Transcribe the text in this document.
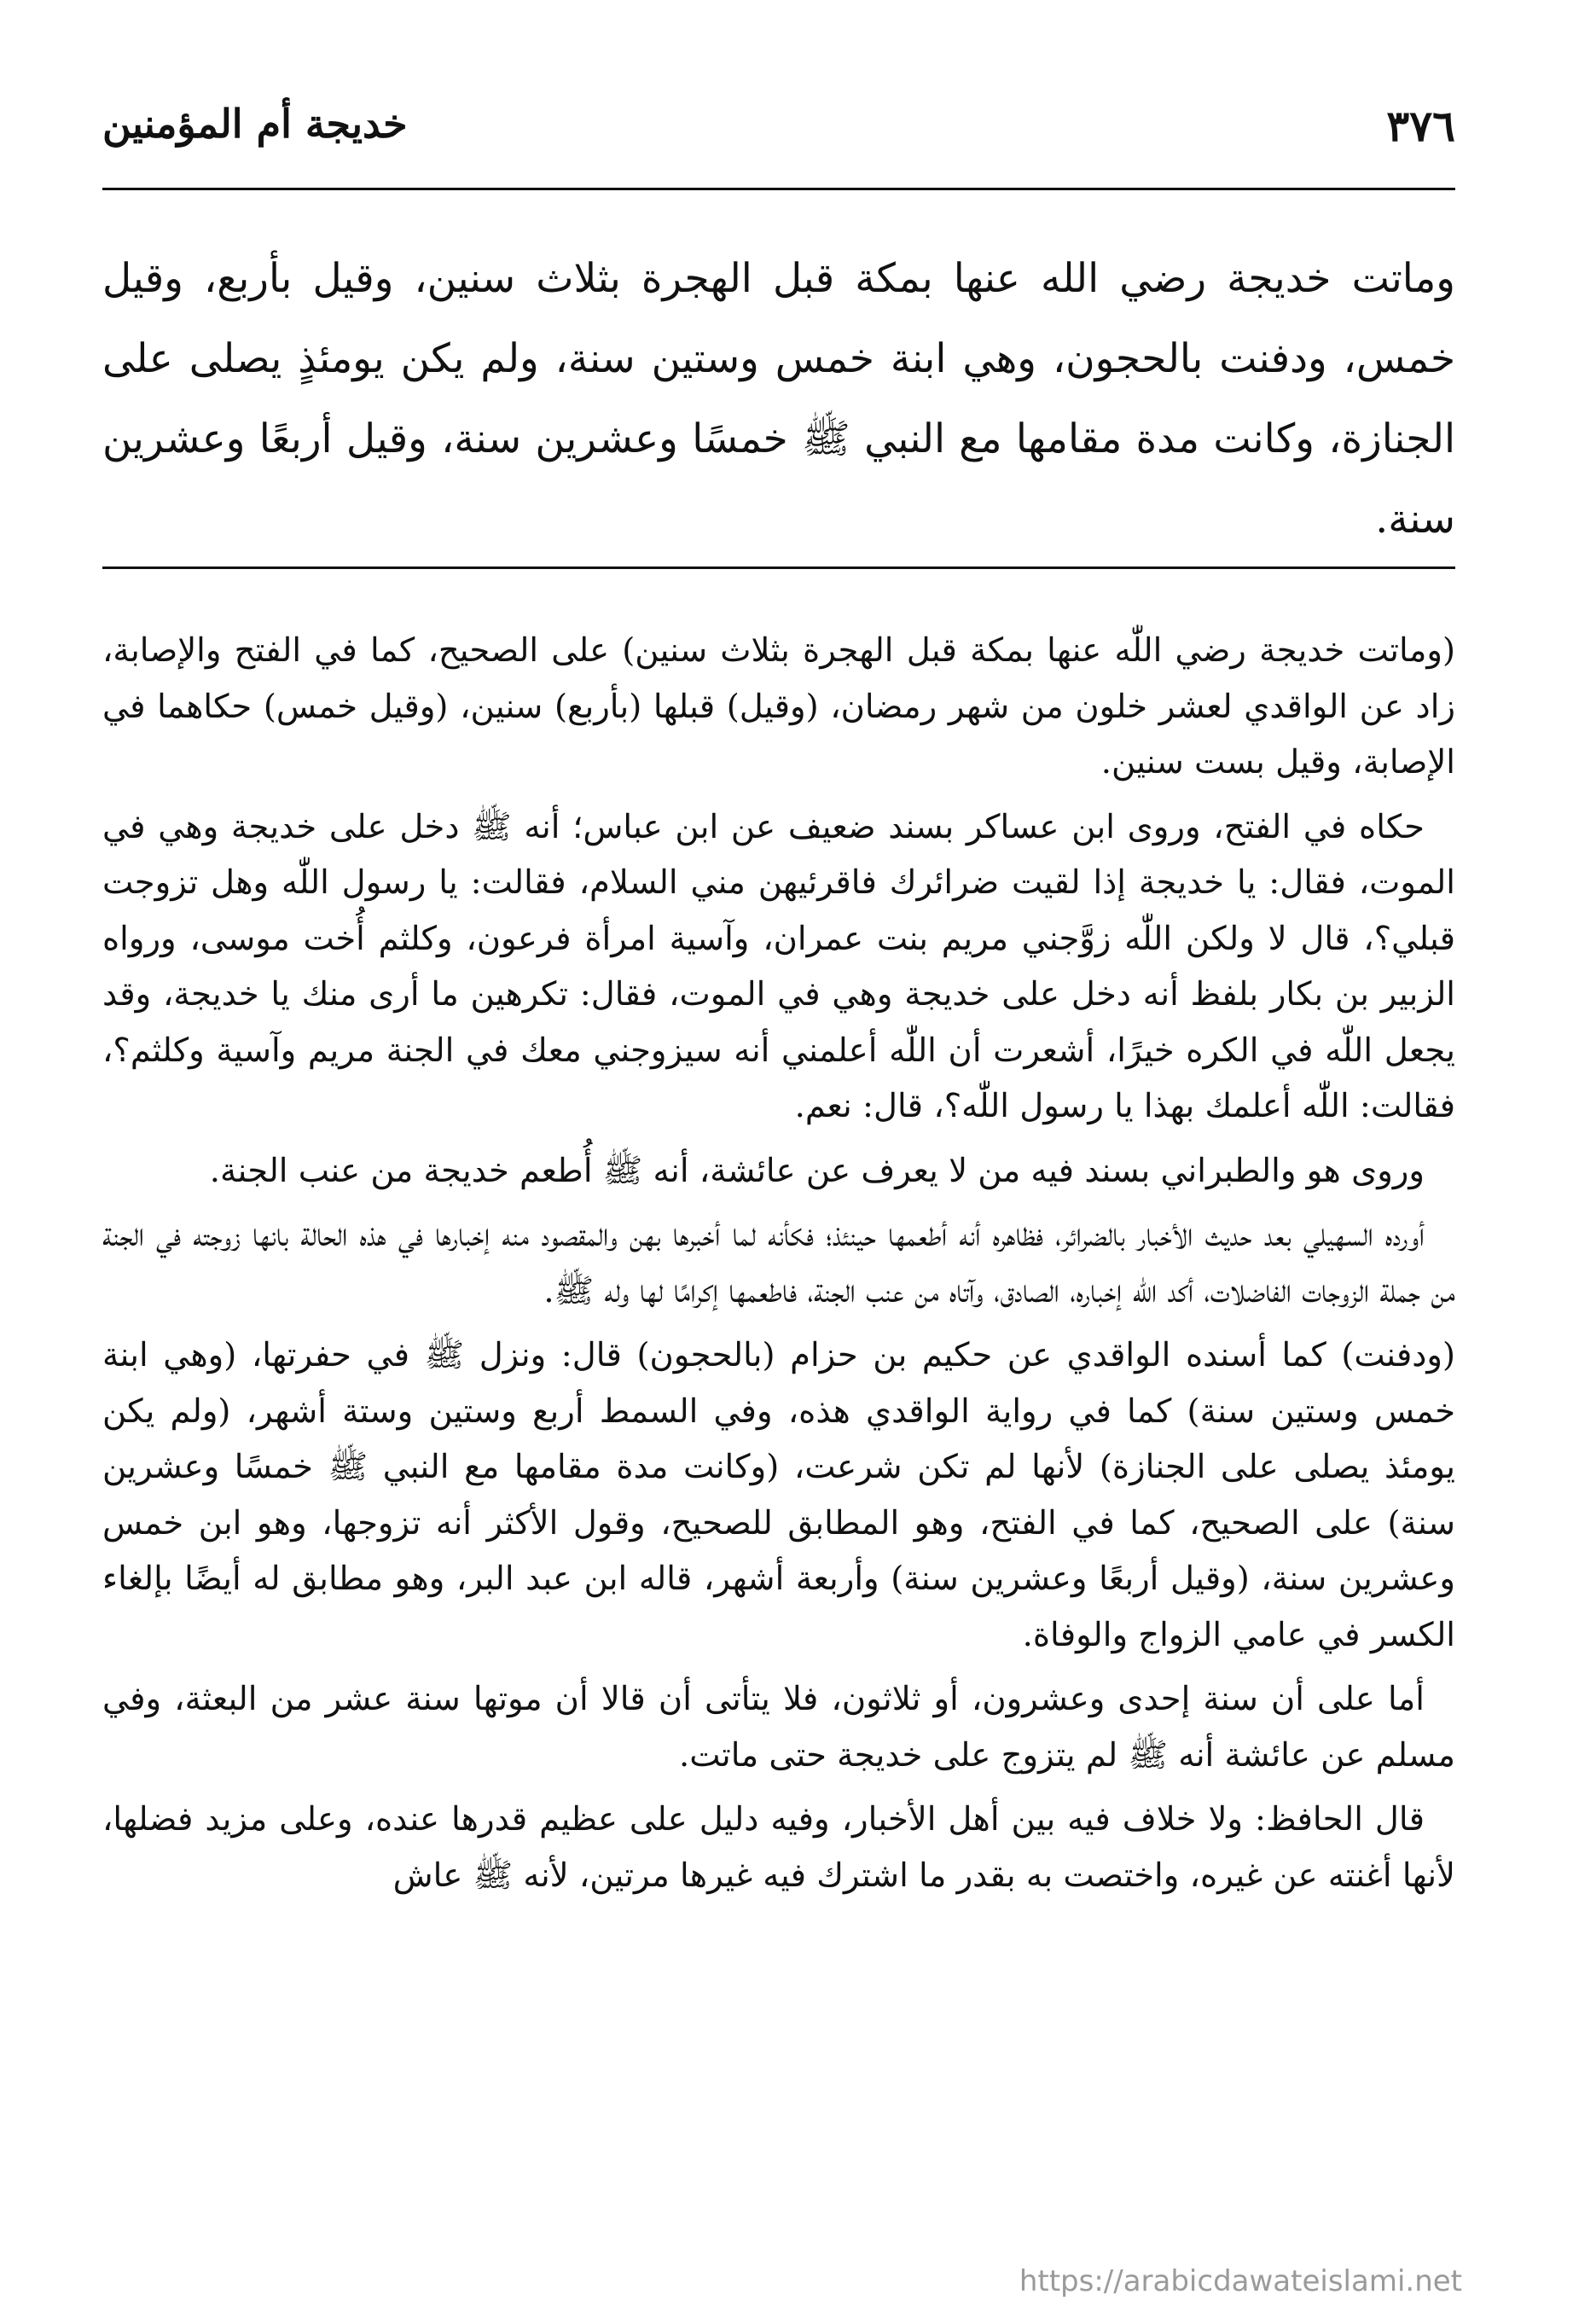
٣٧٦
خديجة أم المؤمنين

وماتت خديجة رضي الله عنها بمكة قبل الهجرة بثلاث سنين، وقيل بأربع، وقيل خمس، ودفنت بالحجون، وهي ابنة خمس وستين سنة، ولم يكن يومئذٍ يصلى على الجنازة، وكانت مدة مقامها مع النبي ﷺ خمسًا وعشرين سنة، وقيل أربعًا وعشرين سنة.

(وماتت خديجة رضي اللّٰه عنها بمكة قبل الهجرة بثلاث سنين) على الصحيح، كما في الفتح والإصابة، زاد عن الواقدي لعشر خلون من شهر رمضان، (وقيل) قبلها (بأربع) سنين، (وقيل خمس) حكاهما في الإصابة، وقيل بست سنين.

حكاه في الفتح، وروى ابن عساكر بسند ضعيف عن ابن عباس؛ أنه ﷺ دخل على خديجة وهي في الموت، فقال: يا خديجة إذا لقيت ضرائرك فاقرئيهن مني السلام، فقالت: يا رسول اللّٰه وهل تزوجت قبلي؟، قال لا ولكن اللّٰه زوَّجني مريم بنت عمران، وآسية امرأة فرعون، وكلثم أُخت موسى، ورواه الزبير بن بكار بلفظ أنه دخل على خديجة وهي في الموت، فقال: تكرهين ما أرى منك يا خديجة، وقد يجعل اللّٰه في الكره خيرًا، أشعرت أن اللّٰه أعلمني أنه سيزوجني معك في الجنة مريم وآسية وكلثم؟، فقالت: اللّٰه أعلمك بهذا يا رسول اللّٰه؟، قال: نعم.

وروى هو والطبراني بسند فيه من لا يعرف عن عائشة، أنه ﷺ أُطعم خديجة من عنب الجنة.

أورده السهيلي بعد حديث الأخبار بالضرائر، فظاهره أنه أطعمها حينئذ؛ فكأنه لما أخبرها بهن والمقصود منه إخبارها في هذه الحالة بانها زوجته في الجنة من جملة الزوجات الفاضلات، أكد اللّٰه إخباره، الصادق، وآتاه من عنب الجنة، فاطعمها إكرامًا لها وله ﷺ.

(ودفنت) كما أسنده الواقدي عن حكيم بن حزام (بالحجون) قال: ونزل ﷺ في حفرتها، (وهي ابنة خمس وستين سنة) كما في رواية الواقدي هذه، وفي السمط أربع وستين وستة أشهر، (ولم يكن يومئذ يصلى على الجنازة) لأنها لم تكن شرعت، (وكانت مدة مقامها مع النبي ﷺ خمسًا وعشرين سنة) على الصحيح، كما في الفتح، وهو المطابق للصحيح، وقول الأكثر أنه تزوجها، وهو ابن خمس وعشرين سنة، (وقيل أربعًا وعشرين سنة) وأربعة أشهر، قاله ابن عبد البر، وهو مطابق له أيضًا بإلغاء الكسر في عامي الزواج والوفاة.

أما على أن سنة إحدى وعشرون، أو ثلاثون، فلا يتأتى أن قالا أن موتها سنة عشر من البعثة، وفي مسلم عن عائشة أنه ﷺ لم يتزوج على خديجة حتى ماتت.

قال الحافظ: ولا خلاف فيه بين أهل الأخبار، وفيه دليل على عظيم قدرها عنده، وعلى مزيد فضلها، لأنها أغنته عن غيره، واختصت به بقدر ما اشترك فيه غيرها مرتين، لأنه ﷺ عاش

https://arabicdawateislami.net
